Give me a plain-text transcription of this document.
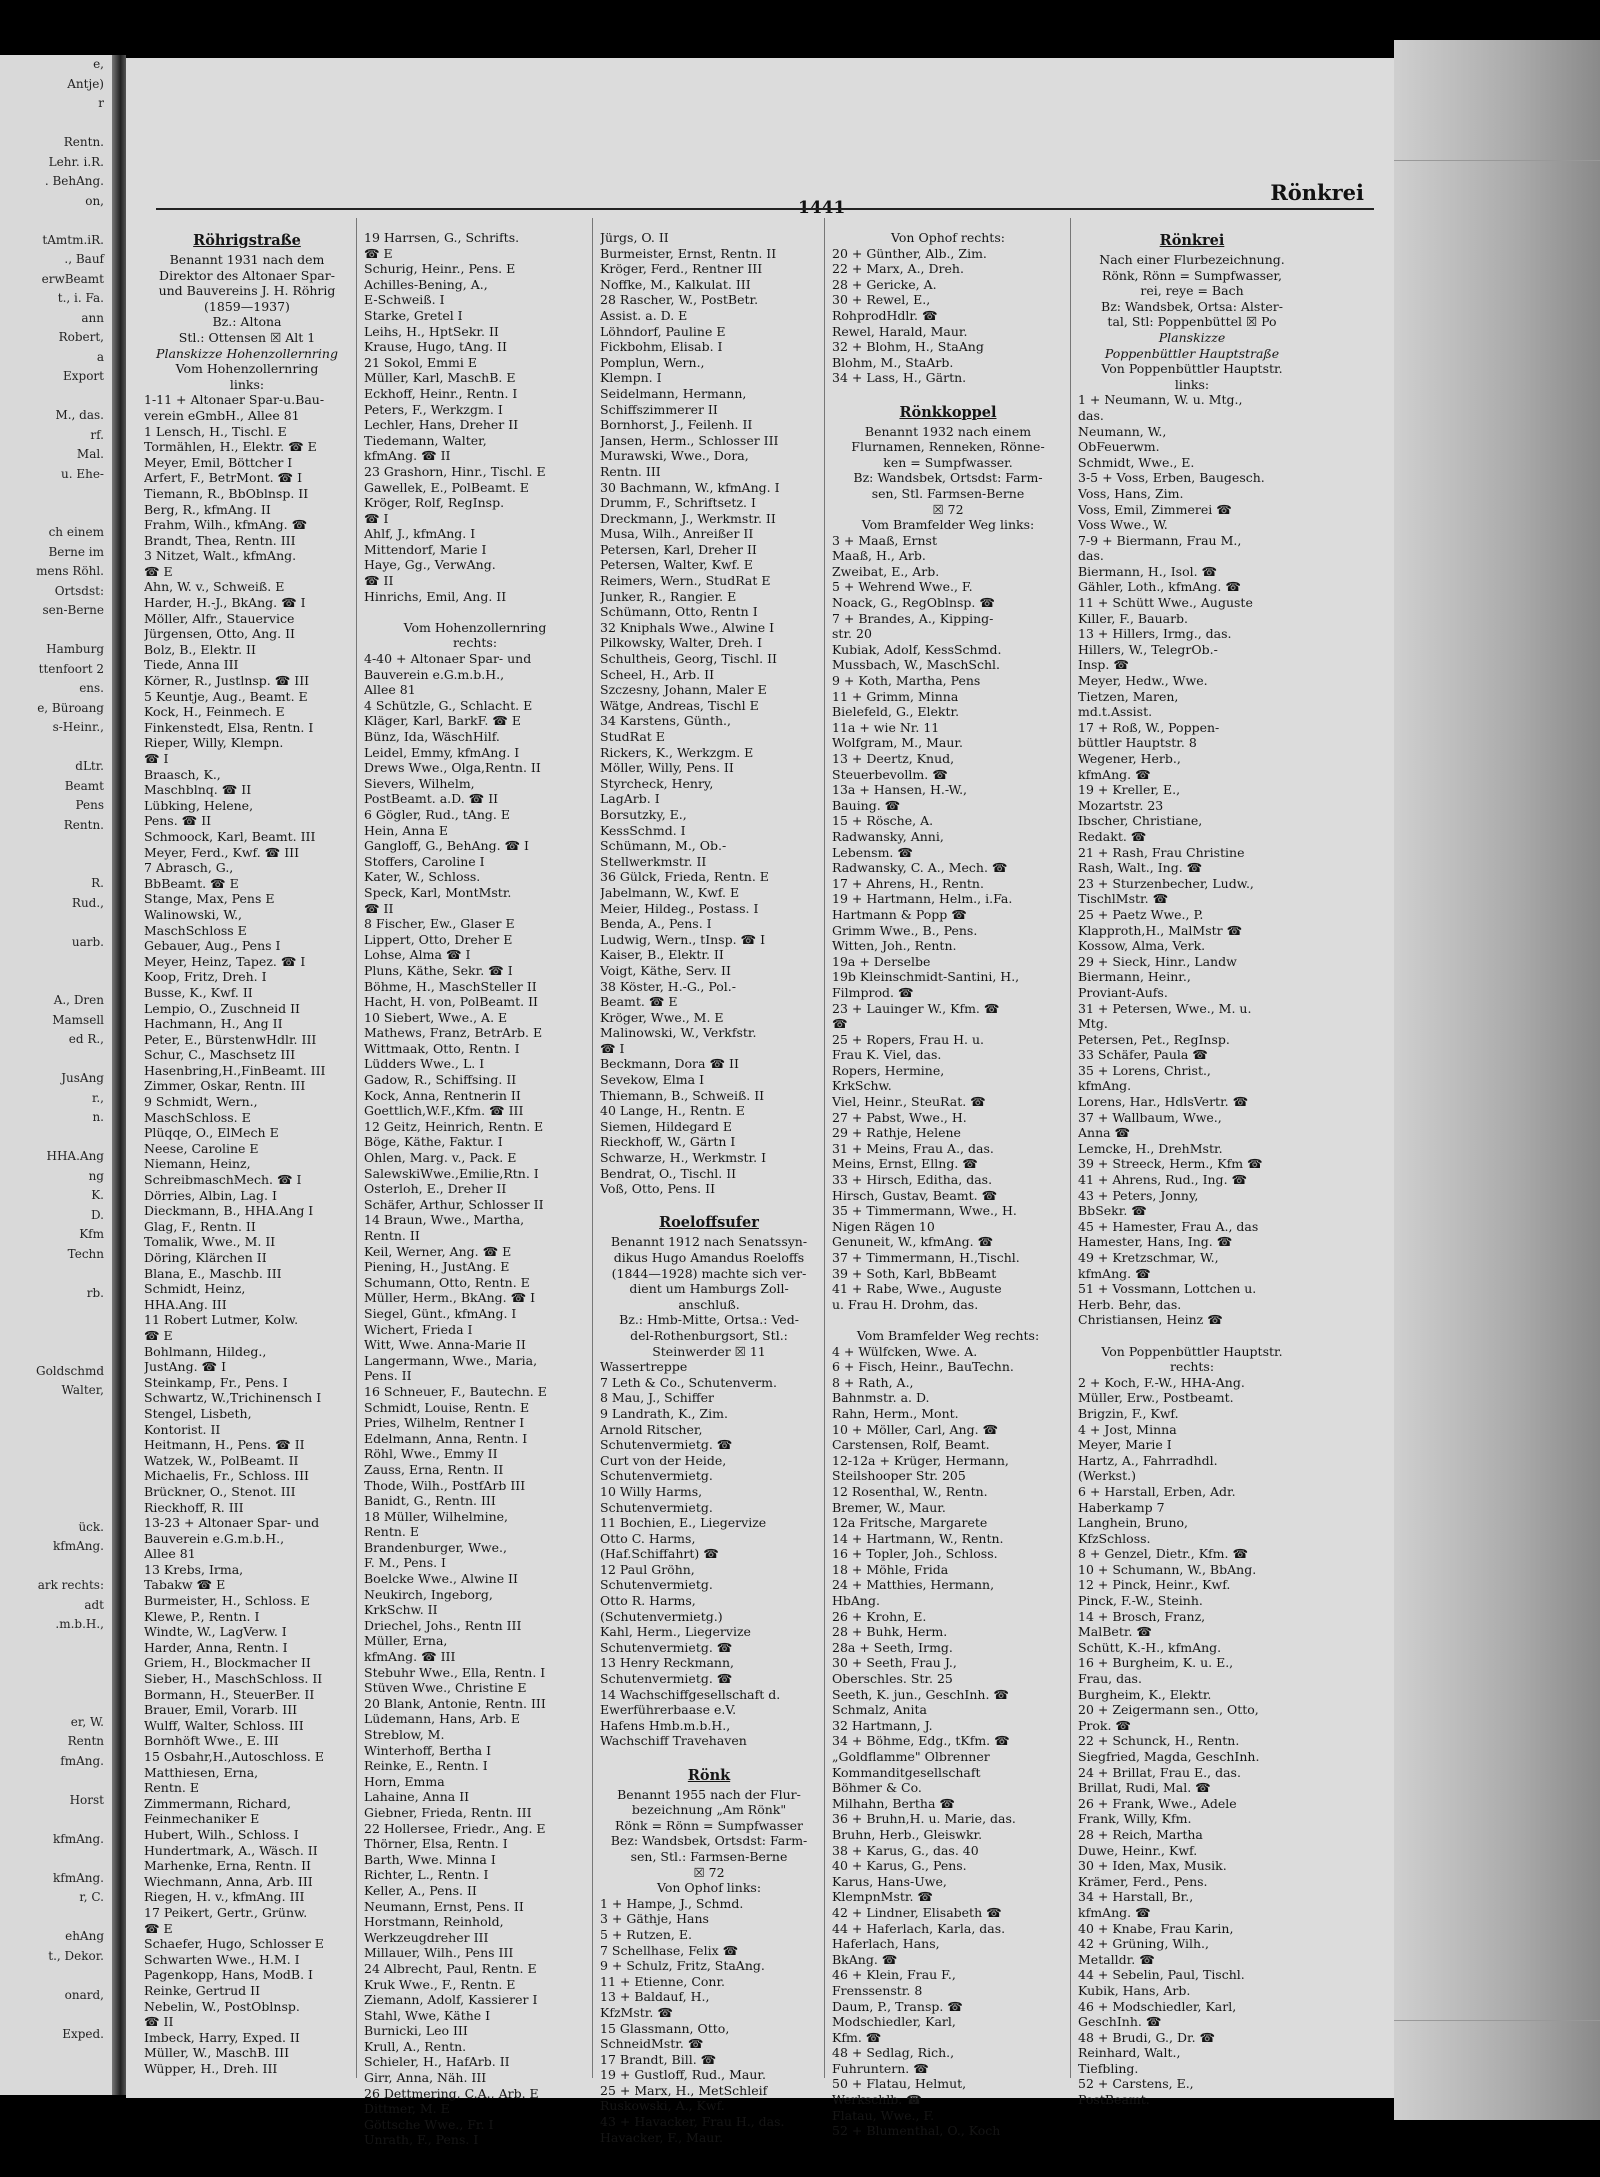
e,
Antje)
r

Rentn.
Lehr. i.R.
. BehAng.
on,

tAmtm.iR.
., Bauf
erwBeamt
t., i. Fa.
ann
Robert,
a
Export

M., das.
rf.
Mal.
u. Ehe-

ch einem
Berne im
mens Röhl.
Ortsdst:
sen-Berne

Hamburg
ttenfoort 2
ens.
e, Büroang
s-Heinr.,

dLtr.
Beamt
Pens
Rentn.

R.
Rud.,

uarb.

A., Dren
Mamsell
ed R.,

JusAng
r.,
n.

HHA.Ang
ng
K.
D.
Kfm
Techn

rb.

Goldschmd
Walter,

ück.
kfmAng.

ark rechts:
adt
.m.b.H.,

er, W.
Rentn
fmAng.

Horst

kfmAng.

kfmAng.
r, C.

ehAng
t., Dekor.

onard,

Exped.
1441
Rönkrei
Röhrigstraße
Benannt 1931 nach dem
Direktor des Altonaer Spar-
und Bauvereins J. H. Röhrig
(1859—1937)
Bz.: Altona
Stl.: Ottensen ☒ Alt 1
Planskizze Hohenzollernring
Vom Hohenzollernring
links:
1-11 + Altonaer Spar-u.Bau-
verein eGmbH., Allee 81
1 Lensch, H., Tischl. E
Tormählen, H., Elektr. ☎ E
Meyer, Emil, Böttcher I
Arfert, F., BetrMont. ☎ I
Tiemann, R., BbOblnsp. II
Berg, R., kfmAng. II
Frahm, Wilh., kfmAng. ☎
Brandt, Thea, Rentn. III
3 Nitzet, Walt., kfmAng.
☎ E
Ahn, W. v., Schweiß. E
Harder, H.-J., BkAng. ☎ I
Möller, Alfr., Stauervice
Jürgensen, Otto, Ang. II
Bolz, B., Elektr. II
Tiede, Anna III
Körner, R., Justlnsp. ☎ III
5 Keuntje, Aug., Beamt. E
Kock, H., Feinmech. E
Finkenstedt, Elsa, Rentn. I
Rieper, Willy, Klempn.
☎ I
Braasch, K.,
Maschblnq. ☎ II
Lübking, Helene,
Pens. ☎ II
Schmoock, Karl, Beamt. III
Meyer, Ferd., Kwf. ☎ III
7 Abrasch, G.,
BbBeamt. ☎ E
Stange, Max, Pens E
Walinowski, W.,
MaschSchloss E
Gebauer, Aug., Pens I
Meyer, Heinz, Tapez. ☎ I
Koop, Fritz, Dreh. I
Busse, K., Kwf. II
Lempio, O., Zuschneid II
Hachmann, H., Ang II
Peter, E., BürstenwHdlr. III
Schur, C., Maschsetz III
Hasenbring,H.,FinBeamt. III
Zimmer, Oskar, Rentn. III
9 Schmidt, Wern.,
MaschSchloss. E
Plüqqe, O., ElMech E
Neese, Caroline E
Niemann, Heinz,
SchreibmaschMech. ☎ I
Dörries, Albin, Lag. I
Dieckmann, B., HHA.Ang I
Glag, F., Rentn. II
Tomalik, Wwe., M. II
Döring, Klärchen II
Blana, E., Maschb. III
Schmidt, Heinz,
HHA.Ang. III
11 Robert Lutmer, Kolw.
☎ E
Bohlmann, Hildeg.,
JustAng. ☎ I
Steinkamp, Fr., Pens. I
Schwartz, W.,Trichinensch I
Stengel, Lisbeth,
Kontorist. II
Heitmann, H., Pens. ☎ II
Watzek, W., PolBeamt. II
Michaelis, Fr., Schloss. III
Brückner, O., Stenot. III
Rieckhoff, R. III
13-23 + Altonaer Spar- und
Bauverein e.G.m.b.H.,
Allee 81
13 Krebs, Irma,
Tabakw ☎ E
Burmeister, H., Schloss. E
Klewe, P., Rentn. I
Windte, W., LagVerw. I
Harder, Anna, Rentn. I
Griem, H., Blockmacher II
Sieber, H., MaschSchloss. II
Bormann, H., SteuerBer. II
Brauer, Emil, Vorarb. III
Wulff, Walter, Schloss. III
Bornhöft Wwe., E. III
15 Osbahr,H.,Autoschloss. E
Matthiesen, Erna,
Rentn. E
Zimmermann, Richard,
Feinmechaniker E
Hubert, Wilh., Schloss. I
Hundertmark, A., Wäsch. II
Marhenke, Erna, Rentn. II
Wiechmann, Anna, Arb. III
Riegen, H. v., kfmAng. III
17 Peikert, Gertr., Grünw.
☎ E
Schaefer, Hugo, Schlosser E
Schwarten Wwe., H.M. I
Pagenkopp, Hans, ModB. I
Reinke, Gertrud II
Nebelin, W., PostOblnsp.
☎ II
Imbeck, Harry, Exped. II
Müller, W., MaschB. III
Wüpper, H., Dreh. III
19 Harrsen, G., Schrifts.
☎ E
Schurig, Heinr., Pens. E
Achilles-Bening, A.,
E-Schweiß. I
Starke, Gretel I
Leihs, H., HptSekr. II
Krause, Hugo, tAng. II
21 Sokol, Emmi E
Müller, Karl, MaschB. E
Eckhoff, Heinr., Rentn. I
Peters, F., Werkzgm. I
Lechler, Hans, Dreher II
Tiedemann, Walter,
kfmAng. ☎ II
23 Grashorn, Hinr., Tischl. E
Gawellek, E., PolBeamt. E
Kröger, Rolf, RegInsp.
☎ I
Ahlf, J., kfmAng. I
Mittendorf, Marie I
Haye, Gg., VerwAng.
☎ II
Hinrichs, Emil, Ang. II

Vom Hohenzollernring
rechts:
4-40 + Altonaer Spar- und
Bauverein e.G.m.b.H.,
Allee 81
4 Schützle, G., Schlacht. E
Kläger, Karl, BarkF. ☎ E
Bünz, Ida, WäschHilf.
Leidel, Emmy, kfmAng. I
Drews Wwe., Olga,Rentn. II
Sievers, Wilhelm,
PostBeamt. a.D. ☎ II
6 Gögler, Rud., tAng. E
Hein, Anna E
Gangloff, G., BehAng. ☎ I
Stoffers, Caroline I
Kater, W., Schloss.
Speck, Karl, MontMstr.
☎ II
8 Fischer, Ew., Glaser E
Lippert, Otto, Dreher E
Lohse, Alma ☎ I
Pluns, Käthe, Sekr. ☎ I
Böhme, H., MaschSteller II
Hacht, H. von, PolBeamt. II
10 Siebert, Wwe., A. E
Mathews, Franz, BetrArb. E
Wittmaak, Otto, Rentn. I
Lüdders Wwe., L. I
Gadow, R., Schiffsing. II
Kock, Anna, Rentnerin II
Goettlich,W.F.,Kfm. ☎ III
12 Geitz, Heinrich, Rentn. E
Böge, Käthe, Faktur. I
Ohlen, Marg. v., Pack. E
SalewskiWwe.,Emilie,Rtn. I
Osterloh, E., Dreher II
Schäfer, Arthur, Schlosser II
14 Braun, Wwe., Martha,
Rentn. II
Keil, Werner, Ang. ☎ E
Piening, H., JustAng. E
Schumann, Otto, Rentn. E
Müller, Herm., BkAng. ☎ I
Siegel, Günt., kfmAng. I
Wichert, Frieda I
Witt, Wwe. Anna-Marie II
Langermann, Wwe., Maria,
Pens. II
16 Schneuer, F., Bautechn. E
Schmidt, Louise, Rentn. E
Pries, Wilhelm, Rentner I
Edelmann, Anna, Rentn. I
Röhl, Wwe., Emmy II
Zauss, Erna, Rentn. II
Thode, Wilh., PostfArb III
Banidt, G., Rentn. III
18 Müller, Wilhelmine,
Rentn. E
Brandenburger, Wwe.,
F. M., Pens. I
Boelcke Wwe., Alwine II
Neukirch, Ingeborg,
KrkSchw. II
Driechel, Johs., Rentn III
Müller, Erna,
kfmAng. ☎ III
Stebuhr Wwe., Ella, Rentn. I
Stüven Wwe., Christine E
20 Blank, Antonie, Rentn. III
Lüdemann, Hans, Arb. E
Streblow, M.
Winterhoff, Bertha I
Reinke, E., Rentn. I
Horn, Emma
Lahaine, Anna II
Giebner, Frieda, Rentn. III
22 Hollersee, Friedr., Ang. E
Thörner, Elsa, Rentn. I
Barth, Wwe. Minna I
Richter, L., Rentn. I
Keller, A., Pens. II
Neumann, Ernst, Pens. II
Horstmann, Reinhold,
Werkzeugdreher III
Millauer, Wilh., Pens III
24 Albrecht, Paul, Rentn. E
Kruk Wwe., F., Rentn. E
Ziemann, Adolf, Kassierer I
Stahl, Wwe, Käthe I
Burnicki, Leo III
Krull, A., Rentn.
Schieler, H., HafArb. II
Girr, Anna, Näh. III
26 Dettmering, C.A., Arb. E
Dittmer, M. E
Göttsche Wwe., Fr. I
Unrath, F., Pens. I
Jürgs, O. II
Burmeister, Ernst, Rentn. II
Kröger, Ferd., Rentner III
Noffke, M., Kalkulat. III
28 Rascher, W., PostBetr.
Assist. a. D. E
Löhndorf, Pauline E
Fickbohm, Elisab. I
Pomplun, Wern.,
Klempn. I
Seidelmann, Hermann,
Schiffszimmerer II
Bornhorst, J., Feilenh. II
Jansen, Herm., Schlosser III
Murawski, Wwe., Dora,
Rentn. III
30 Bachmann, W., kfmAng. I
Drumm, F., Schriftsetz. I
Dreckmann, J., Werkmstr. II
Musa, Wilh., Anreißer II
Petersen, Karl, Dreher II
Petersen, Walter, Kwf. E
Reimers, Wern., StudRat E
Junker, R., Rangier. E
Schümann, Otto, Rentn I
32 Kniphals Wwe., Alwine I
Pilkowsky, Walter, Dreh. I
Schultheis, Georg, Tischl. II
Scheel, H., Arb. II
Szczesny, Johann, Maler E
Wätge, Andreas, Tischl E
34 Karstens, Günth.,
StudRat E
Rickers, K., Werkzgm. E
Möller, Willy, Pens. II
Styrcheck, Henry,
LagArb. I
Borsutzky, E.,
KessSchmd. I
Schümann, M., Ob.-
Stellwerkmstr. II
36 Gülck, Frieda, Rentn. E
Jabelmann, W., Kwf. E
Meier, Hildeg., Postass. I
Benda, A., Pens. I
Ludwig, Wern., tInsp. ☎ I
Kaiser, B., Elektr. II
Voigt, Käthe, Serv. II
38 Köster, H.-G., Pol.-
Beamt. ☎ E
Kröger, Wwe., M. E
Malinowski, W., Verkfstr.
☎ I
Beckmann, Dora ☎ II
Sevekow, Elma I
Thiemann, B., Schweiß. II
40 Lange, H., Rentn. E
Siemen, Hildegard E
Rieckhoff, W., Gärtn I
Schwarze, H., Werkmstr. I
Bendrat, O., Tischl. II
Voß, Otto, Pens. II

Roeloffsufer
Benannt 1912 nach Senatssyn-
dikus Hugo Amandus Roeloffs
(1844—1928) machte sich ver-
dient um Hamburgs Zoll-
anschluß.
Bz.: Hmb-Mitte, Ortsa.: Ved-
del-Rothenburgsort, Stl.:
Steinwerder ☒ 11
Wassertreppe
7 Leth & Co., Schutenverm.
8 Mau, J., Schiffer
9 Landrath, K., Zim.
Arnold Ritscher,
Schutenvermietg. ☎
Curt von der Heide,
Schutenvermietg.
10 Willy Harms,
Schutenvermietg.
11 Bochien, E., Liegervize
Otto C. Harms,
(Haf.Schiffahrt) ☎
12 Paul Gröhn,
Schutenvermietg.
Otto R. Harms,
(Schutenvermietg.)
Kahl, Herm., Liegervize
Schutenvermietg. ☎
13 Henry Reckmann,
Schutenvermietg. ☎
14 Wachschiffgesellschaft d.
Ewerführerbaase e.V.
Hafens Hmb.m.b.H.,
Wachschiff Travehaven

Rönk
Benannt 1955 nach der Flur-
bezeichnung „Am Rönk"
Rönk = Rönn = Sumpfwasser
Bez: Wandsbek, Ortsdst: Farm-
sen, Stl.: Farmsen-Berne
☒ 72
Von Ophof links:
1 + Hampe, J., Schmd.
3 + Gäthje, Hans
5 + Rutzen, E.
7 Schellhase, Felix ☎
9 + Schulz, Fritz, StaAng.
11 + Etienne, Conr.
13 + Baldauf, H.,
KfzMstr. ☎
15 Glassmann, Otto,
SchneidMstr. ☎
17 Brandt, Bill. ☎
19 + Gustloff, Rud., Maur.
25 + Marx, H., MetSchleif
Ruskowski, A., Kwf.
43 + Havacker, Frau H., das.
Havacker, F., Maur.
Von Ophof rechts:
20 + Günther, Alb., Zim.
22 + Marx, A., Dreh.
28 + Gericke, A.
30 + Rewel, E.,
RohprodHdlr. ☎
Rewel, Harald, Maur.
32 + Blohm, H., StaAng
Blohm, M., StaArb.
34 + Lass, H., Gärtn.

Rönkkoppel
Benannt 1932 nach einem
Flurnamen, Renneken, Rönne-
ken = Sumpfwasser.
Bz: Wandsbek, Ortsdst: Farm-
sen, Stl. Farmsen-Berne
☒ 72
Vom Bramfelder Weg links:
3 + Maaß, Ernst
Maaß, H., Arb.
Zweibat, E., Arb.
5 + Wehrend Wwe., F.
Noack, G., RegOblnsp. ☎
7 + Brandes, A., Kipping-
str. 20
Kubiak, Adolf, KessSchmd.
Mussbach, W., MaschSchl.
9 + Koth, Martha, Pens
11 + Grimm, Minna
Bielefeld, G., Elektr.
11a + wie Nr. 11
Wolfgram, M., Maur.
13 + Deertz, Knud,
Steuerbevollm. ☎
13a + Hansen, H.-W.,
Bauing. ☎
15 + Rösche, A.
Radwansky, Anni,
Lebensm. ☎
Radwansky, C. A., Mech. ☎
17 + Ahrens, H., Rentn.
19 + Hartmann, Helm., i.Fa.
Hartmann & Popp ☎
Grimm Wwe., B., Pens.
Witten, Joh., Rentn.
19a + Derselbe
19b Kleinschmidt-Santini, H.,
Filmprod. ☎
23 + Lauinger W., Kfm. ☎
☎
25 + Ropers, Frau H. u.
Frau K. Viel, das.
Ropers, Hermine,
KrkSchw.
Viel, Heinr., SteuRat. ☎
27 + Pabst, Wwe., H.
29 + Rathje, Helene
31 + Meins, Frau A., das.
Meins, Ernst, Ellng. ☎
33 + Hirsch, Editha, das.
Hirsch, Gustav, Beamt. ☎
35 + Timmermann, Wwe., H.
Nigen Rägen 10
Genuneit, W., kfmAng. ☎
37 + Timmermann, H.,Tischl.
39 + Soth, Karl, BbBeamt
41 + Rabe, Wwe., Auguste
u. Frau H. Drohm, das.

Vom Bramfelder Weg rechts:
4 + Wülfcken, Wwe. A.
6 + Fisch, Heinr., BauTechn.
8 + Rath, A.,
Bahnmstr. a. D.
Rahn, Herm., Mont.
10 + Möller, Carl, Ang. ☎
Carstensen, Rolf, Beamt.
12-12a + Krüger, Hermann,
Steilshooper Str. 205
12 Rosenthal, W., Rentn.
Bremer, W., Maur.
12a Fritsche, Margarete
14 + Hartmann, W., Rentn.
16 + Topler, Joh., Schloss.
18 + Möhle, Frida
24 + Matthies, Hermann,
HbAng.
26 + Krohn, E.
28 + Buhk, Herm.
28a + Seeth, Irmg.
30 + Seeth, Frau J.,
Oberschles. Str. 25
Seeth, K. jun., GeschInh. ☎
Schmalz, Anita
32 Hartmann, J.
34 + Böhme, Edg., tKfm. ☎
„Goldflamme" Olbrenner
Kommanditgesellschaft
Böhmer & Co.
Milhahn, Bertha ☎
36 + Bruhn,H. u. Marie, das.
Bruhn, Herb., Gleiswkr.
38 + Karus, G., das. 40
40 + Karus, G., Pens.
Karus, Hans-Uwe,
KlempnMstr. ☎
42 + Lindner, Elisabeth ☎
44 + Haferlach, Karla, das.
Haferlach, Hans,
BkAng. ☎
46 + Klein, Frau F.,
Frenssenstr. 8
Daum, P., Transp. ☎
Modschiedler, Karl,
Kfm. ☎
48 + Sedlag, Rich.,
Fuhruntern. ☎
50 + Flatau, Helmut,
Werkschlb. ☎
Flatau, Wwe., F.
52 + Blumenthal, O., Koch
Rönkrei
Nach einer Flurbezeichnung.
Rönk, Rönn = Sumpfwasser,
rei, reye = Bach
Bz: Wandsbek, Ortsa: Alster-
tal, Stl: Poppenbüttel ☒ Po
Planskizze
Poppenbüttler Hauptstraße
Von Poppenbüttler Hauptstr.
links:
1 + Neumann, W. u. Mtg.,
das.
Neumann, W.,
ObFeuerwm.
Schmidt, Wwe., E.
3-5 + Voss, Erben, Baugesch.
Voss, Hans, Zim.
Voss, Emil, Zimmerei ☎
Voss Wwe., W.
7-9 + Biermann, Frau M.,
das.
Biermann, H., Isol. ☎
Gähler, Loth., kfmAng. ☎
11 + Schütt Wwe., Auguste
Killer, F., Bauarb.
13 + Hillers, Irmg., das.
Hillers, W., TelegrOb.-
Insp. ☎
Meyer, Hedw., Wwe.
Tietzen, Maren,
md.t.Assist.
17 + Roß, W., Poppen-
büttler Hauptstr. 8
Wegener, Herb.,
kfmAng. ☎
19 + Kreller, E.,
Mozartstr. 23
Ibscher, Christiane,
Redakt. ☎
21 + Rash, Frau Christine
Rash, Walt., Ing. ☎
23 + Sturzenbecher, Ludw.,
TischlMstr. ☎
25 + Paetz Wwe., P.
Klapproth,H., MalMstr ☎
Kossow, Alma, Verk.
29 + Sieck, Hinr., Landw
Biermann, Heinr.,
Proviant-Aufs.
31 + Petersen, Wwe., M. u.
Mtg.
Petersen, Pet., RegInsp.
33 Schäfer, Paula ☎
35 + Lorens, Christ.,
kfmAng.
Lorens, Har., HdlsVertr. ☎
37 + Wallbaum, Wwe.,
Anna ☎
Lemcke, H., DrehMstr.
39 + Streeck, Herm., Kfm ☎
41 + Ahrens, Rud., Ing. ☎
43 + Peters, Jonny,
BbSekr. ☎
45 + Hamester, Frau A., das
Hamester, Hans, Ing. ☎
49 + Kretzschmar, W.,
kfmAng. ☎
51 + Vossmann, Lottchen u.
Herb. Behr, das.
Christiansen, Heinz ☎

Von Poppenbüttler Hauptstr.
rechts:
2 + Koch, F.-W., HHA-Ang.
Müller, Erw., Postbeamt.
Brigzin, F., Kwf.
4 + Jost, Minna
Meyer, Marie I
Hartz, A., Fahrradhdl.
(Werkst.)
6 + Harstall, Erben, Adr.
Haberkamp 7
Langhein, Bruno,
KfzSchloss.
8 + Genzel, Dietr., Kfm. ☎
10 + Schumann, W., BbAng.
12 + Pinck, Heinr., Kwf.
Pinck, F.-W., Steinh.
14 + Brosch, Franz,
MalBetr. ☎
Schütt, K.-H., kfmAng.
16 + Burgheim, K. u. E.,
Frau, das.
Burgheim, K., Elektr.
20 + Zeigermann sen., Otto,
Prok. ☎
22 + Schunck, H., Rentn.
Siegfried, Magda, GeschInh.
24 + Brillat, Frau E., das.
Brillat, Rudi, Mal. ☎
26 + Frank, Wwe., Adele
Frank, Willy, Kfm.
28 + Reich, Martha
Duwe, Heinr., Kwf.
30 + Iden, Max, Musik.
Krämer, Ferd., Pens.
34 + Harstall, Br.,
kfmAng. ☎
40 + Knabe, Frau Karin,
42 + Grüning, Wilh.,
Metalldr. ☎
44 + Sebelin, Paul, Tischl.
Kubik, Hans, Arb.
46 + Modschiedler, Karl,
GeschInh. ☎
48 + Brudi, G., Dr. ☎
Reinhard, Walt.,
Tiefbling.
52 + Carstens, E.,
PostBeamt.
